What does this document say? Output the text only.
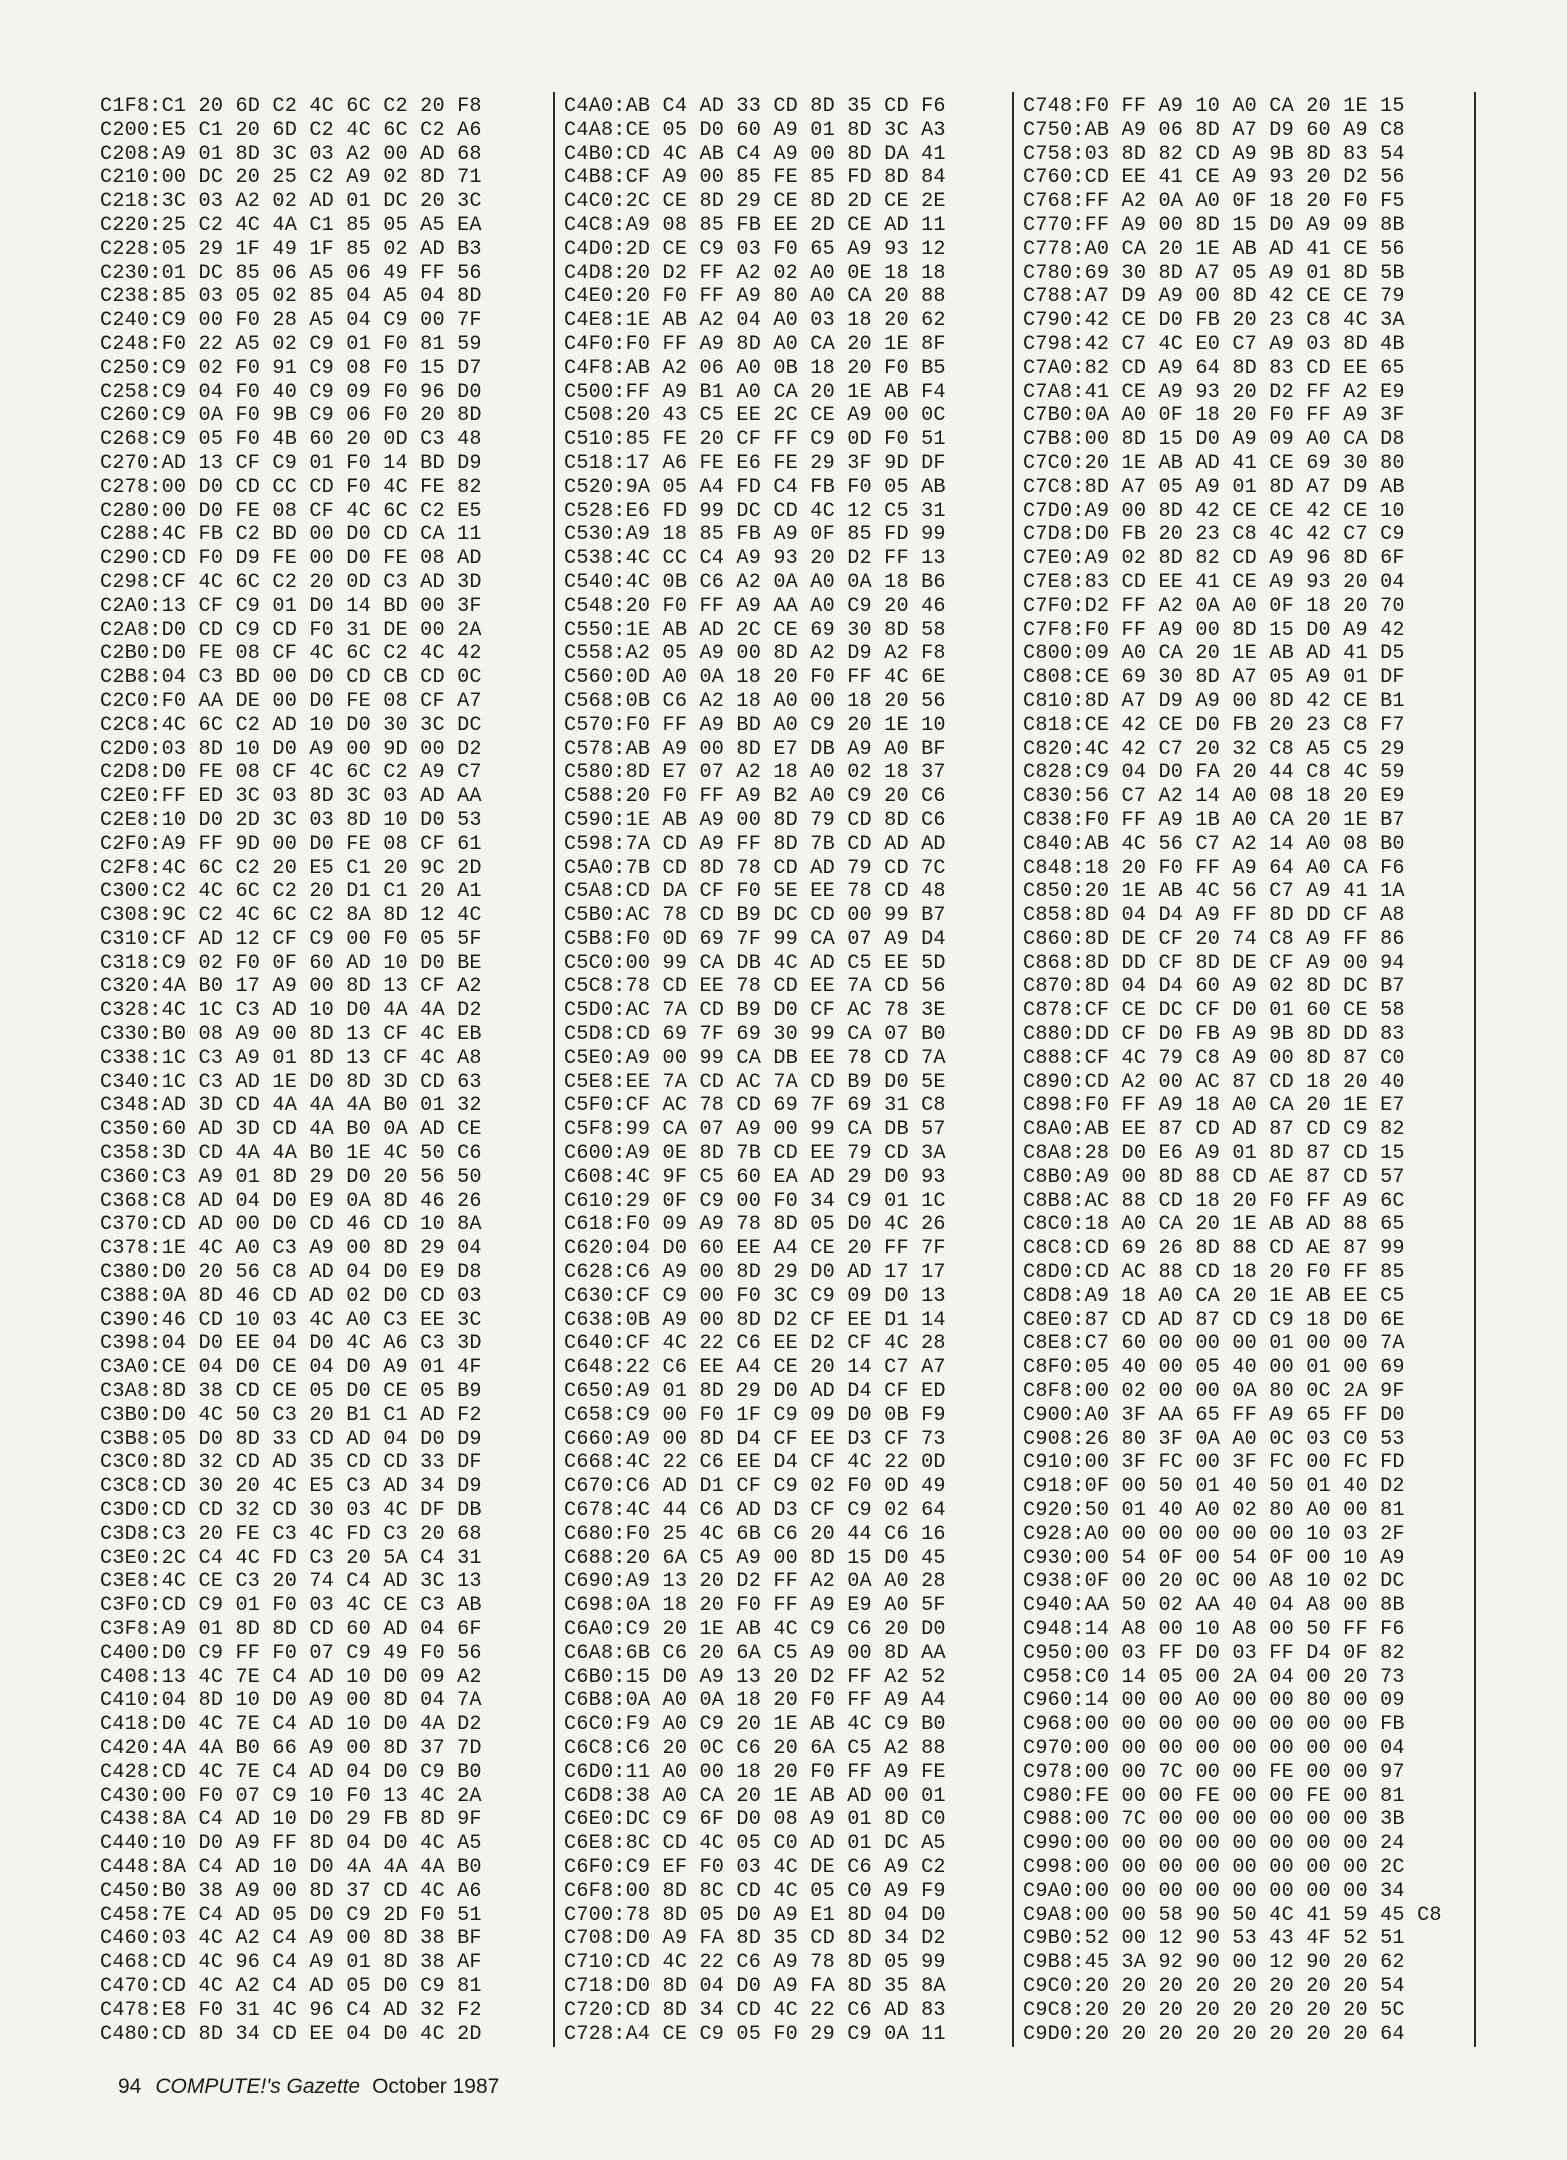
C1F8:C1 20 6D C2 4C 6C C2 20 F8
C200:E5 C1 20 6D C2 4C 6C C2 A6
C208:A9 01 8D 3C 03 A2 00 AD 68
C210:00 DC 20 25 C2 A9 02 8D 71
C218:3C 03 A2 02 AD 01 DC 20 3C
C220:25 C2 4C 4A C1 85 05 A5 EA
C228:05 29 1F 49 1F 85 02 AD B3
C230:01 DC 85 06 A5 06 49 FF 56
C238:85 03 05 02 85 04 A5 04 8D
C240:C9 00 F0 28 A5 04 C9 00 7F
C248:F0 22 A5 02 C9 01 F0 81 59
C250:C9 02 F0 91 C9 08 F0 15 D7
C258:C9 04 F0 40 C9 09 F0 96 D0
C260:C9 0A F0 9B C9 06 F0 20 8D
C268:C9 05 F0 4B 60 20 0D C3 48
C270:AD 13 CF C9 01 F0 14 BD D9
C278:00 D0 CD CC CD F0 4C FE 82
C280:00 D0 FE 08 CF 4C 6C C2 E5
C288:4C FB C2 BD 00 D0 CD CA 11
C290:CD F0 D9 FE 00 D0 FE 08 AD
C298:CF 4C 6C C2 20 0D C3 AD 3D
C2A0:13 CF C9 01 D0 14 BD 00 3F
C2A8:D0 CD C9 CD F0 31 DE 00 2A
C2B0:D0 FE 08 CF 4C 6C C2 4C 42
C2B8:04 C3 BD 00 D0 CD CB CD 0C
C2C0:F0 AA DE 00 D0 FE 08 CF A7
C2C8:4C 6C C2 AD 10 D0 30 3C DC
C2D0:03 8D 10 D0 A9 00 9D 00 D2
C2D8:D0 FE 08 CF 4C 6C C2 A9 C7
C2E0:FF ED 3C 03 8D 3C 03 AD AA
C2E8:10 D0 2D 3C 03 8D 10 D0 53
C2F0:A9 FF 9D 00 D0 FE 08 CF 61
C2F8:4C 6C C2 20 E5 C1 20 9C 2D
C300:C2 4C 6C C2 20 D1 C1 20 A1
C308:9C C2 4C 6C C2 8A 8D 12 4C
C310:CF AD 12 CF C9 00 F0 05 5F
C318:C9 02 F0 0F 60 AD 10 D0 BE
C320:4A B0 17 A9 00 8D 13 CF A2
C328:4C 1C C3 AD 10 D0 4A 4A D2
C330:B0 08 A9 00 8D 13 CF 4C EB
C338:1C C3 A9 01 8D 13 CF 4C A8
C340:1C C3 AD 1E D0 8D 3D CD 63
C348:AD 3D CD 4A 4A 4A B0 01 32
C350:60 AD 3D CD 4A B0 0A AD CE
C358:3D CD 4A 4A B0 1E 4C 50 C6
C360:C3 A9 01 8D 29 D0 20 56 50
C368:C8 AD 04 D0 E9 0A 8D 46 26
C370:CD AD 00 D0 CD 46 CD 10 8A
C378:1E 4C A0 C3 A9 00 8D 29 04
C380:D0 20 56 C8 AD 04 D0 E9 D8
C388:0A 8D 46 CD AD 02 D0 CD 03
C390:46 CD 10 03 4C A0 C3 EE 3C
C398:04 D0 EE 04 D0 4C A6 C3 3D
C3A0:CE 04 D0 CE 04 D0 A9 01 4F
C3A8:8D 38 CD CE 05 D0 CE 05 B9
C3B0:D0 4C 50 C3 20 B1 C1 AD F2
C3B8:05 D0 8D 33 CD AD 04 D0 D9
C3C0:8D 32 CD AD 35 CD CD 33 DF
C3C8:CD 30 20 4C E5 C3 AD 34 D9
C3D0:CD CD 32 CD 30 03 4C DF DB
C3D8:C3 20 FE C3 4C FD C3 20 68
C3E0:2C C4 4C FD C3 20 5A C4 31
C3E8:4C CE C3 20 74 C4 AD 3C 13
C3F0:CD C9 01 F0 03 4C CE C3 AB
C3F8:A9 01 8D 8D CD 60 AD 04 6F
C400:D0 C9 FF F0 07 C9 49 F0 56
C408:13 4C 7E C4 AD 10 D0 09 A2
C410:04 8D 10 D0 A9 00 8D 04 7A
C418:D0 4C 7E C4 AD 10 D0 4A D2
C420:4A 4A B0 66 A9 00 8D 37 7D
C428:CD 4C 7E C4 AD 04 D0 C9 B0
C430:00 F0 07 C9 10 F0 13 4C 2A
C438:8A C4 AD 10 D0 29 FB 8D 9F
C440:10 D0 A9 FF 8D 04 D0 4C A5
C448:8A C4 AD 10 D0 4A 4A 4A B0
C450:B0 38 A9 00 8D 37 CD 4C A6
C458:7E C4 AD 05 D0 C9 2D F0 51
C460:03 4C A2 C4 A9 00 8D 38 BF
C468:CD 4C 96 C4 A9 01 8D 38 AF
C470:CD 4C A2 C4 AD 05 D0 C9 81
C478:E8 F0 31 4C 96 C4 AD 32 F2
C480:CD 8D 34 CD EE 04 D0 4C 2D
C4A0:AB C4 AD 33 CD 8D 35 CD F6
C4A8:CE 05 D0 60 A9 01 8D 3C A3
C4B0:CD 4C AB C4 A9 00 8D DA 41
C4B8:CF A9 00 85 FE 85 FD 8D 84
C4C0:2C CE 8D 29 CE 8D 2D CE 2E
C4C8:A9 08 85 FB EE 2D CE AD 11
C4D0:2D CE C9 03 F0 65 A9 93 12
C4D8:20 D2 FF A2 02 A0 0E 18 18
C4E0:20 F0 FF A9 80 A0 CA 20 88
C4E8:1E AB A2 04 A0 03 18 20 62
C4F0:F0 FF A9 8D A0 CA 20 1E 8F
C4F8:AB A2 06 A0 0B 18 20 F0 B5
C500:FF A9 B1 A0 CA 20 1E AB F4
C508:20 43 C5 EE 2C CE A9 00 0C
C510:85 FE 20 CF FF C9 0D F0 51
C518:17 A6 FE E6 FE 29 3F 9D DF
C520:9A 05 A4 FD C4 FB F0 05 AB
C528:E6 FD 99 DC CD 4C 12 C5 31
C530:A9 18 85 FB A9 0F 85 FD 99
C538:4C CC C4 A9 93 20 D2 FF 13
C540:4C 0B C6 A2 0A A0 0A 18 B6
C548:20 F0 FF A9 AA A0 C9 20 46
C550:1E AB AD 2C CE 69 30 8D 58
C558:A2 05 A9 00 8D A2 D9 A2 F8
C560:0D A0 0A 18 20 F0 FF 4C 6E
C568:0B C6 A2 18 A0 00 18 20 56
C570:F0 FF A9 BD A0 C9 20 1E 10
C578:AB A9 00 8D E7 DB A9 A0 BF
C580:8D E7 07 A2 18 A0 02 18 37
C588:20 F0 FF A9 B2 A0 C9 20 C6
C590:1E AB A9 00 8D 79 CD 8D C6
C598:7A CD A9 FF 8D 7B CD AD AD
C5A0:7B CD 8D 78 CD AD 79 CD 7C
C5A8:CD DA CF F0 5E EE 78 CD 48
C5B0:AC 78 CD B9 DC CD 00 99 B7
C5B8:F0 0D 69 7F 99 CA 07 A9 D4
C5C0:00 99 CA DB 4C AD C5 EE 5D
C5C8:78 CD EE 78 CD EE 7A CD 56
C5D0:AC 7A CD B9 D0 CF AC 78 3E
C5D8:CD 69 7F 69 30 99 CA 07 B0
C5E0:A9 00 99 CA DB EE 78 CD 7A
C5E8:EE 7A CD AC 7A CD B9 D0 5E
C5F0:CF AC 78 CD 69 7F 69 31 C8
C5F8:99 CA 07 A9 00 99 CA DB 57
C600:A9 0E 8D 7B CD EE 79 CD 3A
C608:4C 9F C5 60 EA AD 29 D0 93
C610:29 0F C9 00 F0 34 C9 01 1C
C618:F0 09 A9 78 8D 05 D0 4C 26
C620:04 D0 60 EE A4 CE 20 FF 7F
C628:C6 A9 00 8D 29 D0 AD 17 17
C630:CF C9 00 F0 3C C9 09 D0 13
C638:0B A9 00 8D D2 CF EE D1 14
C640:CF 4C 22 C6 EE D2 CF 4C 28
C648:22 C6 EE A4 CE 20 14 C7 A7
C650:A9 01 8D 29 D0 AD D4 CF ED
C658:C9 00 F0 1F C9 09 D0 0B F9
C660:A9 00 8D D4 CF EE D3 CF 73
C668:4C 22 C6 EE D4 CF 4C 22 0D
C670:C6 AD D1 CF C9 02 F0 0D 49
C678:4C 44 C6 AD D3 CF C9 02 64
C680:F0 25 4C 6B C6 20 44 C6 16
C688:20 6A C5 A9 00 8D 15 D0 45
C690:A9 13 20 D2 FF A2 0A A0 28
C698:0A 18 20 F0 FF A9 E9 A0 5F
C6A0:C9 20 1E AB 4C C9 C6 20 D0
C6A8:6B C6 20 6A C5 A9 00 8D AA
C6B0:15 D0 A9 13 20 D2 FF A2 52
C6B8:0A A0 0A 18 20 F0 FF A9 A4
C6C0:F9 A0 C9 20 1E AB 4C C9 B0
C6C8:C6 20 0C C6 20 6A C5 A2 88
C6D0:11 A0 00 18 20 F0 FF A9 FE
C6D8:38 A0 CA 20 1E AB AD 00 01
C6E0:DC C9 6F D0 08 A9 01 8D C0
C6E8:8C CD 4C 05 C0 AD 01 DC A5
C6F0:C9 EF F0 03 4C DE C6 A9 C2
C6F8:00 8D 8C CD 4C 05 C0 A9 F9
C700:78 8D 05 D0 A9 E1 8D 04 D0
C708:D0 A9 FA 8D 35 CD 8D 34 D2
C710:CD 4C 22 C6 A9 78 8D 05 99
C718:D0 8D 04 D0 A9 FA 8D 35 8A
C720:CD 8D 34 CD 4C 22 C6 AD 83
C728:A4 CE C9 05 F0 29 C9 0A 11
C748:F0 FF A9 10 A0 CA 20 1E 15
C750:AB A9 06 8D A7 D9 60 A9 C8
C758:03 8D 82 CD A9 9B 8D 83 54
C760:CD EE 41 CE A9 93 20 D2 56
C768:FF A2 0A A0 0F 18 20 F0 F5
C770:FF A9 00 8D 15 D0 A9 09 8B
C778:A0 CA 20 1E AB AD 41 CE 56
C780:69 30 8D A7 05 A9 01 8D 5B
C788:A7 D9 A9 00 8D 42 CE CE 79
C790:42 CE D0 FB 20 23 C8 4C 3A
C798:42 C7 4C E0 C7 A9 03 8D 4B
C7A0:82 CD A9 64 8D 83 CD EE 65
C7A8:41 CE A9 93 20 D2 FF A2 E9
C7B0:0A A0 0F 18 20 F0 FF A9 3F
C7B8:00 8D 15 D0 A9 09 A0 CA D8
C7C0:20 1E AB AD 41 CE 69 30 80
C7C8:8D A7 05 A9 01 8D A7 D9 AB
C7D0:A9 00 8D 42 CE CE 42 CE 10
C7D8:D0 FB 20 23 C8 4C 42 C7 C9
C7E0:A9 02 8D 82 CD A9 96 8D 6F
C7E8:83 CD EE 41 CE A9 93 20 04
C7F0:D2 FF A2 0A A0 0F 18 20 70
C7F8:F0 FF A9 00 8D 15 D0 A9 42
C800:09 A0 CA 20 1E AB AD 41 D5
C808:CE 69 30 8D A7 05 A9 01 DF
C810:8D A7 D9 A9 00 8D 42 CE B1
C818:CE 42 CE D0 FB 20 23 C8 F7
C820:4C 42 C7 20 32 C8 A5 C5 29
C828:C9 04 D0 FA 20 44 C8 4C 59
C830:56 C7 A2 14 A0 08 18 20 E9
C838:F0 FF A9 1B A0 CA 20 1E B7
C840:AB 4C 56 C7 A2 14 A0 08 B0
C848:18 20 F0 FF A9 64 A0 CA F6
C850:20 1E AB 4C 56 C7 A9 41 1A
C858:8D 04 D4 A9 FF 8D DD CF A8
C860:8D DE CF 20 74 C8 A9 FF 86
C868:8D DD CF 8D DE CF A9 00 94
C870:8D 04 D4 60 A9 02 8D DC B7
C878:CF CE DC CF D0 01 60 CE 58
C880:DD CF D0 FB A9 9B 8D DD 83
C888:CF 4C 79 C8 A9 00 8D 87 C0
C890:CD A2 00 AC 87 CD 18 20 40
C898:F0 FF A9 18 A0 CA 20 1E E7
C8A0:AB EE 87 CD AD 87 CD C9 82
C8A8:28 D0 E6 A9 01 8D 87 CD 15
C8B0:A9 00 8D 88 CD AE 87 CD 57
C8B8:AC 88 CD 18 20 F0 FF A9 6C
C8C0:18 A0 CA 20 1E AB AD 88 65
C8C8:CD 69 26 8D 88 CD AE 87 99
C8D0:CD AC 88 CD 18 20 F0 FF 85
C8D8:A9 18 A0 CA 20 1E AB EE C5
C8E0:87 CD AD 87 CD C9 18 D0 6E
C8E8:C7 60 00 00 00 01 00 00 7A
C8F0:05 40 00 05 40 00 01 00 69
C8F8:00 02 00 00 0A 80 0C 2A 9F
C900:A0 3F AA 65 FF A9 65 FF D0
C908:26 80 3F 0A A0 0C 03 C0 53
C910:00 3F FC 00 3F FC 00 FC FD
C918:0F 00 50 01 40 50 01 40 D2
C920:50 01 40 A0 02 80 A0 00 81
C928:A0 00 00 00 00 00 10 03 2F
C930:00 54 0F 00 54 0F 00 10 A9
C938:0F 00 20 0C 00 A8 10 02 DC
C940:AA 50 02 AA 40 04 A8 00 8B
C948:14 A8 00 10 A8 00 50 FF F6
C950:00 03 FF D0 03 FF D4 0F 82
C958:C0 14 05 00 2A 04 00 20 73
C960:14 00 00 A0 00 00 80 00 09
C968:00 00 00 00 00 00 00 00 FB
C970:00 00 00 00 00 00 00 00 04
C978:00 00 7C 00 00 FE 00 00 97
C980:FE 00 00 FE 00 00 FE 00 81
C988:00 7C 00 00 00 00 00 00 3B
C990:00 00 00 00 00 00 00 00 24
C998:00 00 00 00 00 00 00 00 2C
C9A0:00 00 00 00 00 00 00 00 34
C9A8:00 00 58 90 50 4C 41 59 45 C8
C9B0:52 00 12 90 53 43 4F 52 51
C9B8:45 3A 92 90 00 12 90 20 62
C9C0:20 20 20 20 20 20 20 20 54
C9C8:20 20 20 20 20 20 20 20 5C
C9D0:20 20 20 20 20 20 20 20 64
94 COMPUTE!'s Gazette October 1987
